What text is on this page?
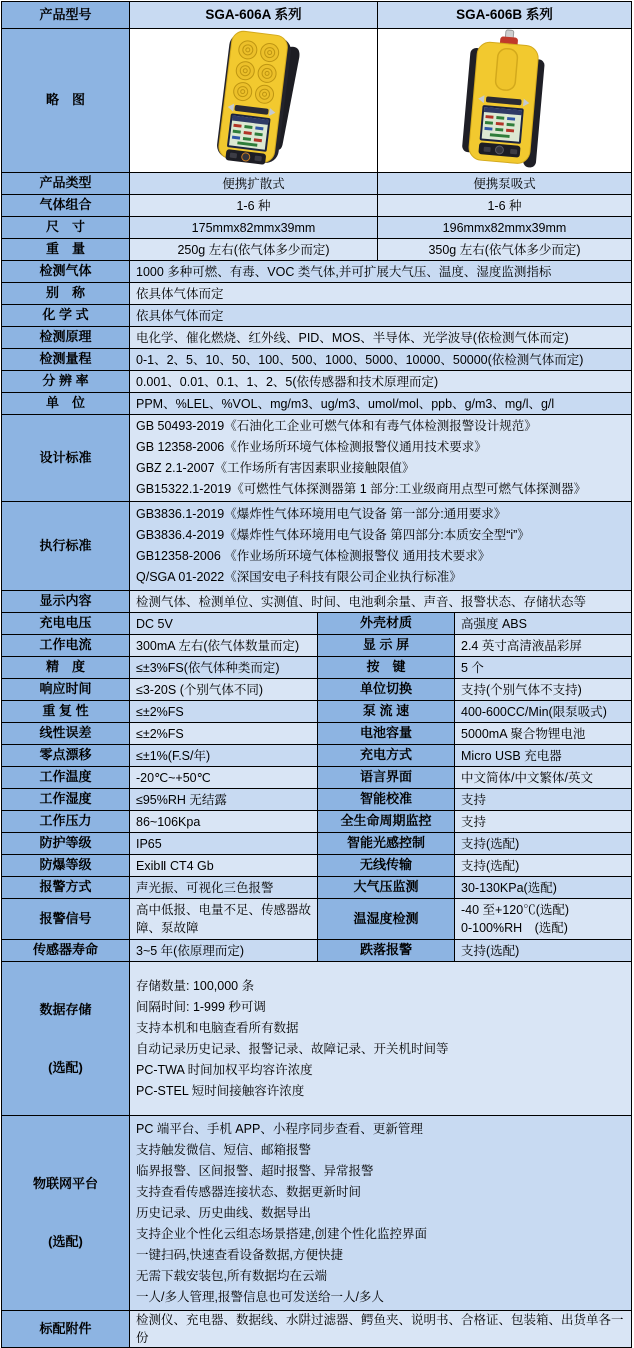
产品型号	SGA-606A 系列		SGA-606B 系列	
略　图		
产品类型	便携扩散式		便携泵吸式	
气体组合	1-6 种		1-6 种	
尺　寸	175mmx82mmx39mm		196mmx82mmx39mm	
重　量	250g 左右(依气体多少而定)		350g 左右(依气体多少而定)	
检测气体	1000 多种可燃、有毒、VOC 类气体,并可扩展大气压、温度、湿度监测指标			
别　称	依具体气体而定			
化 学 式	依具体气体而定			
检测原理	电化学、催化燃烧、红外线、PID、MOS、半导体、光学波导(依检测气体而定)			
检测量程	0-1、2、5、10、50、100、500、1000、5000、10000、50000(依检测气体而定)			
分 辨 率	0.001、0.01、0.1、1、2、5(依传感器和技术原理而定)			
单　位	PPM、%LEL、%VOL、mg/m3、ug/m3、umol/mol、ppb、g/m3、mg/l、g/l			
设计标准	GB 50493-2019《石油化工企业可燃气体和有毒气体检测报警设计规范》
GB 12358-2006《作业场所环境气体检测报警仪通用技术要求》
GBZ 2.1-2007《工作场所有害因素职业接触限值》
GB15322.1-2019《可燃性气体探测器第 1 部分:工业级商用点型可燃气体探测器》			

执行标准	GB3836.1-2019《爆炸性气体环境用电气设备 第一部分:通用要求》
GB3836.4-2019《爆炸性气体环境用电气设备 第四部分:本质安全型“i”》
GB12358-2006 《作业场所环境气体检测报警仪 通用技术要求》
Q/SGA 01-2022《深国安电子科技有限公司企业执行标准》			

显示内容	检测气体、检测单位、实测值、时间、电池剩余量、声音、报警状态、存储状态等			
充电电压	DC 5V	外壳材质		高强度 ABS
工作电流	300mA 左右(依气体数量而定)	显 示 屏		2.4 英寸高清液晶彩屏
精　度	≤±3%FS(依气体种类而定)	按　键		5 个
响应时间	≤3-20S (个别气体不同)	单位切换		支持(个别气体不支持)
重 复 性	≤±2%FS	泵 流 速		400-600CC/Min(限泵吸式)
线性误差	≤±2%FS	电池容量		5000mA 聚合物锂电池
零点漂移	≤±1%(F.S/年)	充电方式		Micro USB 充电器
工作温度	-20℃~+50℃	语言界面		中文简体/中文繁体/英文
工作湿度	≤95%RH 无结露	智能校准		支持
工作压力	86~106Kpa	全生命周期监控		支持
防护等级	IP65	智能光感控制		支持(选配)
防爆等级	ExibⅡ CT4 Gb	无线传输		支持(选配)
报警方式	声光振、可视化三色报警	大气压监测		30-130KPa(选配)
报警信号	高中低报、电量不足、传感器故障、泵故障	温湿度检测		-40 至+120℃(选配)
0-100%RH　(选配)

传感器寿命	3~5 年(依原理而定)	跌落报警		支持(选配)

数据存储

(选配)

存储数量: 100,000 条
间隔时间: 1-999 秒可调
支持本机和电脑查看所有数据
自动记录历史记录、报警记录、故障记录、开关机时间等
PC-TWA 时间加权平均容许浓度
PC-STEL 短时间接触容许浓度

物联网平台

(选配)

PC 端平台、手机 APP、小程序同步查看、更新管理
支持触发微信、短信、邮箱报警
临界报警、区间报警、超时报警、异常报警
支持查看传感器连接状态、数据更新时间
历史记录、历史曲线、数据导出
支持企业个性化云组态场景搭建,创建个性化监控界面
一键扫码,快速查看设备数据,方便快捷
无需下载安装包,所有数据均在云端
一人/多人管理,报警信息也可发送给一人/多人

标配附件	检测仪、充电器、数据线、水阱过滤器、鳄鱼夹、说明书、合格证、包装箱、出货单各一份			
